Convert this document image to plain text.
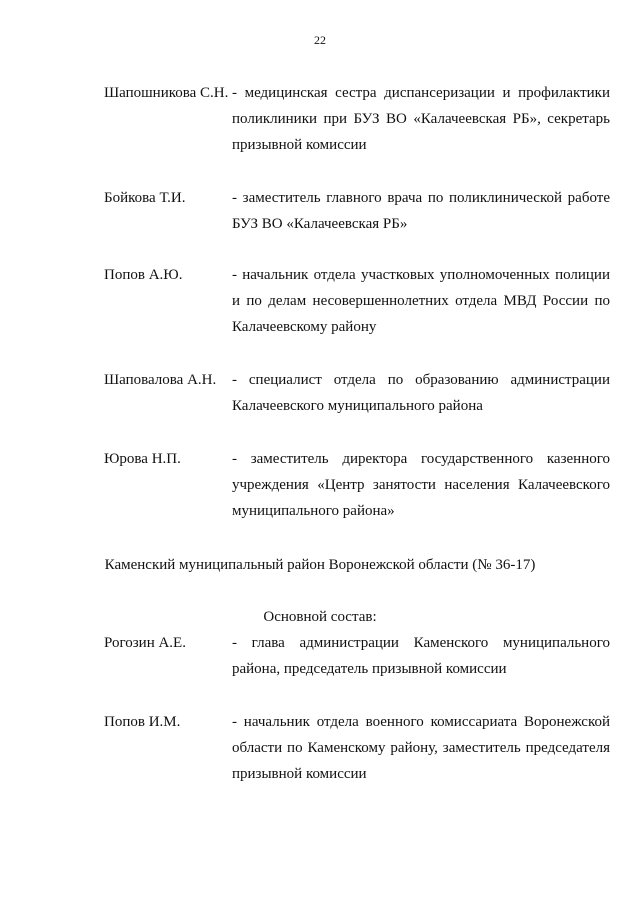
22
Шапошникова С.Н. - медицинская сестра диспансеризации и профилактики поликлиники при БУЗ ВО «Калачеевская РБ», секретарь призывной комиссии
Бойкова Т.И.	- заместитель главного врача по поликлинической работе БУЗ ВО «Калачеевская РБ»
Попов А.Ю.	- начальник отдела участковых уполномоченных полиции и по делам несовершеннолетних отдела МВД России по Калачеевскому району
Шаповалова А.Н.	- специалист отдела по образованию администрации Калачеевского муниципального района
Юрова Н.П.	- заместитель директора государственного казенного учреждения «Центр занятости населения Калачеевского муниципального района»
Каменский муниципальный район Воронежской области (№ 36-17)
Основной состав:
Рогозин А.Е.	- глава администрации Каменского муниципального района, председатель призывной комиссии
Попов И.М.	- начальник отдела военного комиссариата Воронежской области по Каменскому району, заместитель председателя призывной комиссии
